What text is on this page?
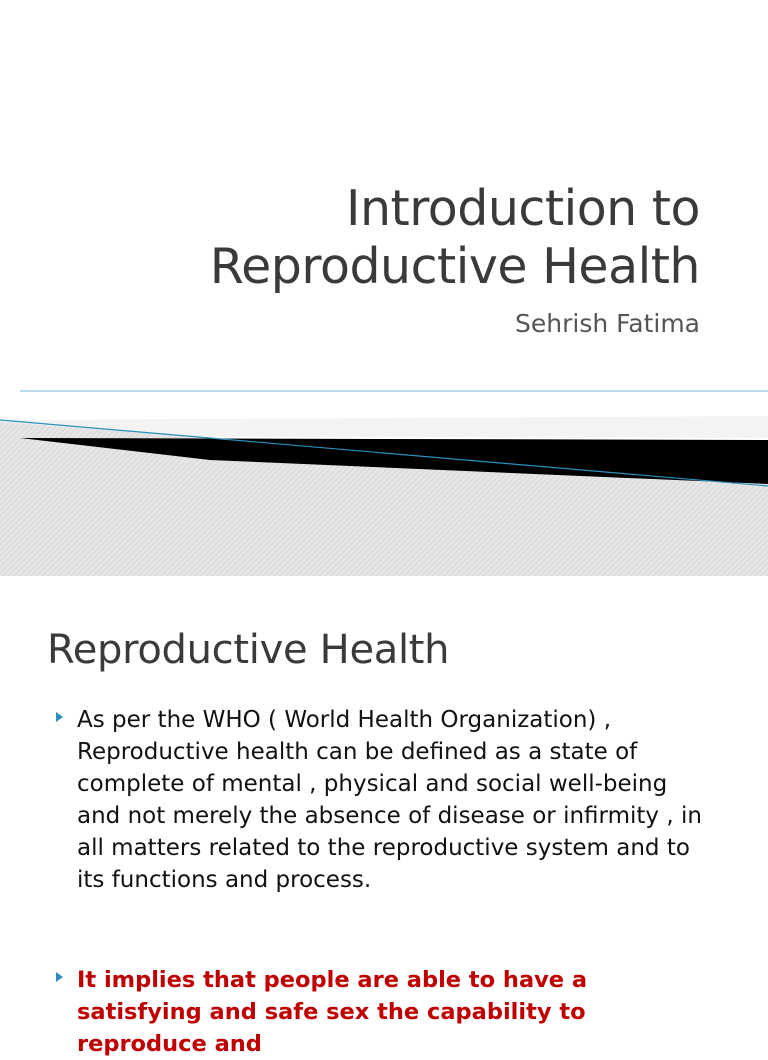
Introduction to
Reproductive Health
Sehrish Fatima
Reproductive Health
As per the WHO ( World Health Organization) , Reproductive health can be defined as a state of complete of mental , physical and social well-being and not merely the absence of disease or infirmity , in all matters related to the reproductive system and to its functions and process.
It implies that people are able to have a satisfying and safe sex the capability to reproduce and
